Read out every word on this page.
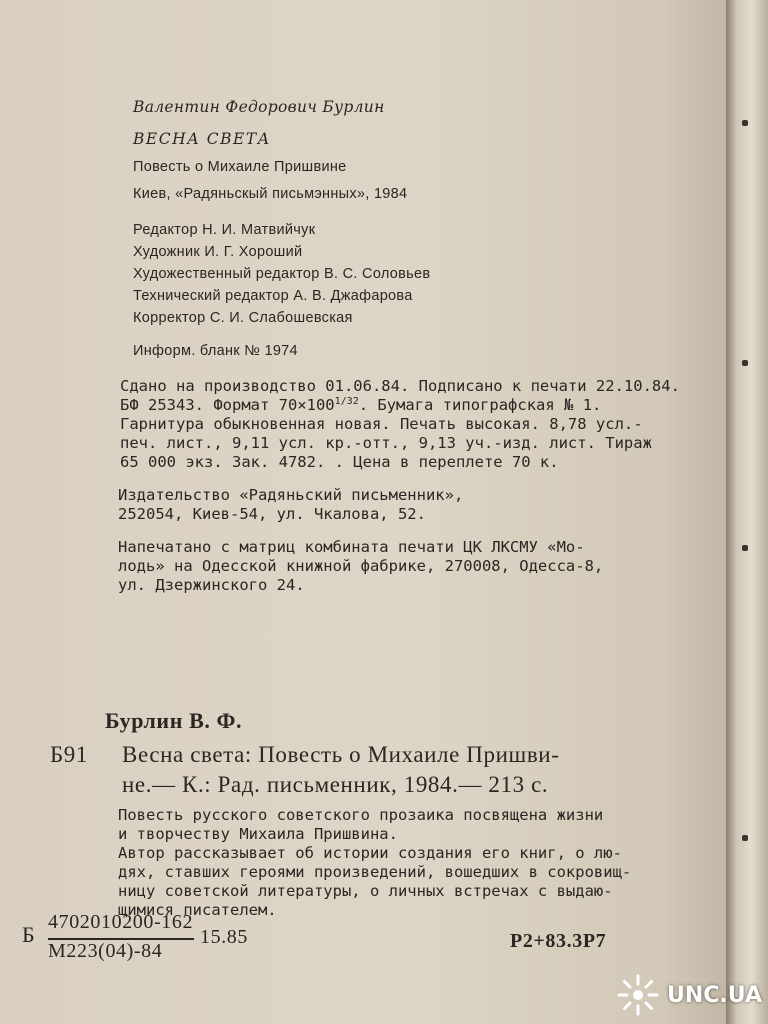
Валентин Федорович Бурлин
ВЕСНА СВЕТА
Повесть о Михаиле Пришвине
Киев, «Радяньскый письмэнных», 1984
Редактор Н. И. Матвийчук
Художник И. Г. Хороший
Художественный редактор В. С. Соловьев
Технический редактор А. В. Джафарова
Корректор С. И. Слабошевская
Информ. бланк № 1974
Сдано на производство 01.06.84. Подписано к печати 22.10.84.
БФ 25343. Формат $70\times 100^{1/32}$. Бумага типографская № 1.
Гарнитура обыкновенная новая. Печать высокая. 8,78 усл.-
печ. лист., 9,11 усл. кр.-отт., 9,13 уч.-изд. лист. Тираж
65 000 экз. Зак. 4782. . Цена в переплете 70 к.
Издательство «Радяньский письменник»,
252054, Киев-54, ул. Чкалова, 52.
Напечатано с матриц комбината печати ЦК ЛКСМУ «Мо-
лодь» на Одесской книжной фабрике, 270008, Одесса-8,
ул. Дзержинского 24.
Бурлин В. Ф.
Б91 Весна света: Повесть о Михаиле Пришви-
не.— К.: Рад. письменник, 1984.— 213 с.
Повесть русского советского прозаика посвящена жизни
и творчеству Михаила Пришвина.
Автор рассказывает об истории создания его книг, о лю-
дях, ставших героями произведений, вошедших в сокровищ-
ницу советской литературы, о личных встречах с выдаю-
щимися писателем.
Б 4702010200-162
М223(04)-84
15.85	Р2+83.3Р7
UNC.UA
